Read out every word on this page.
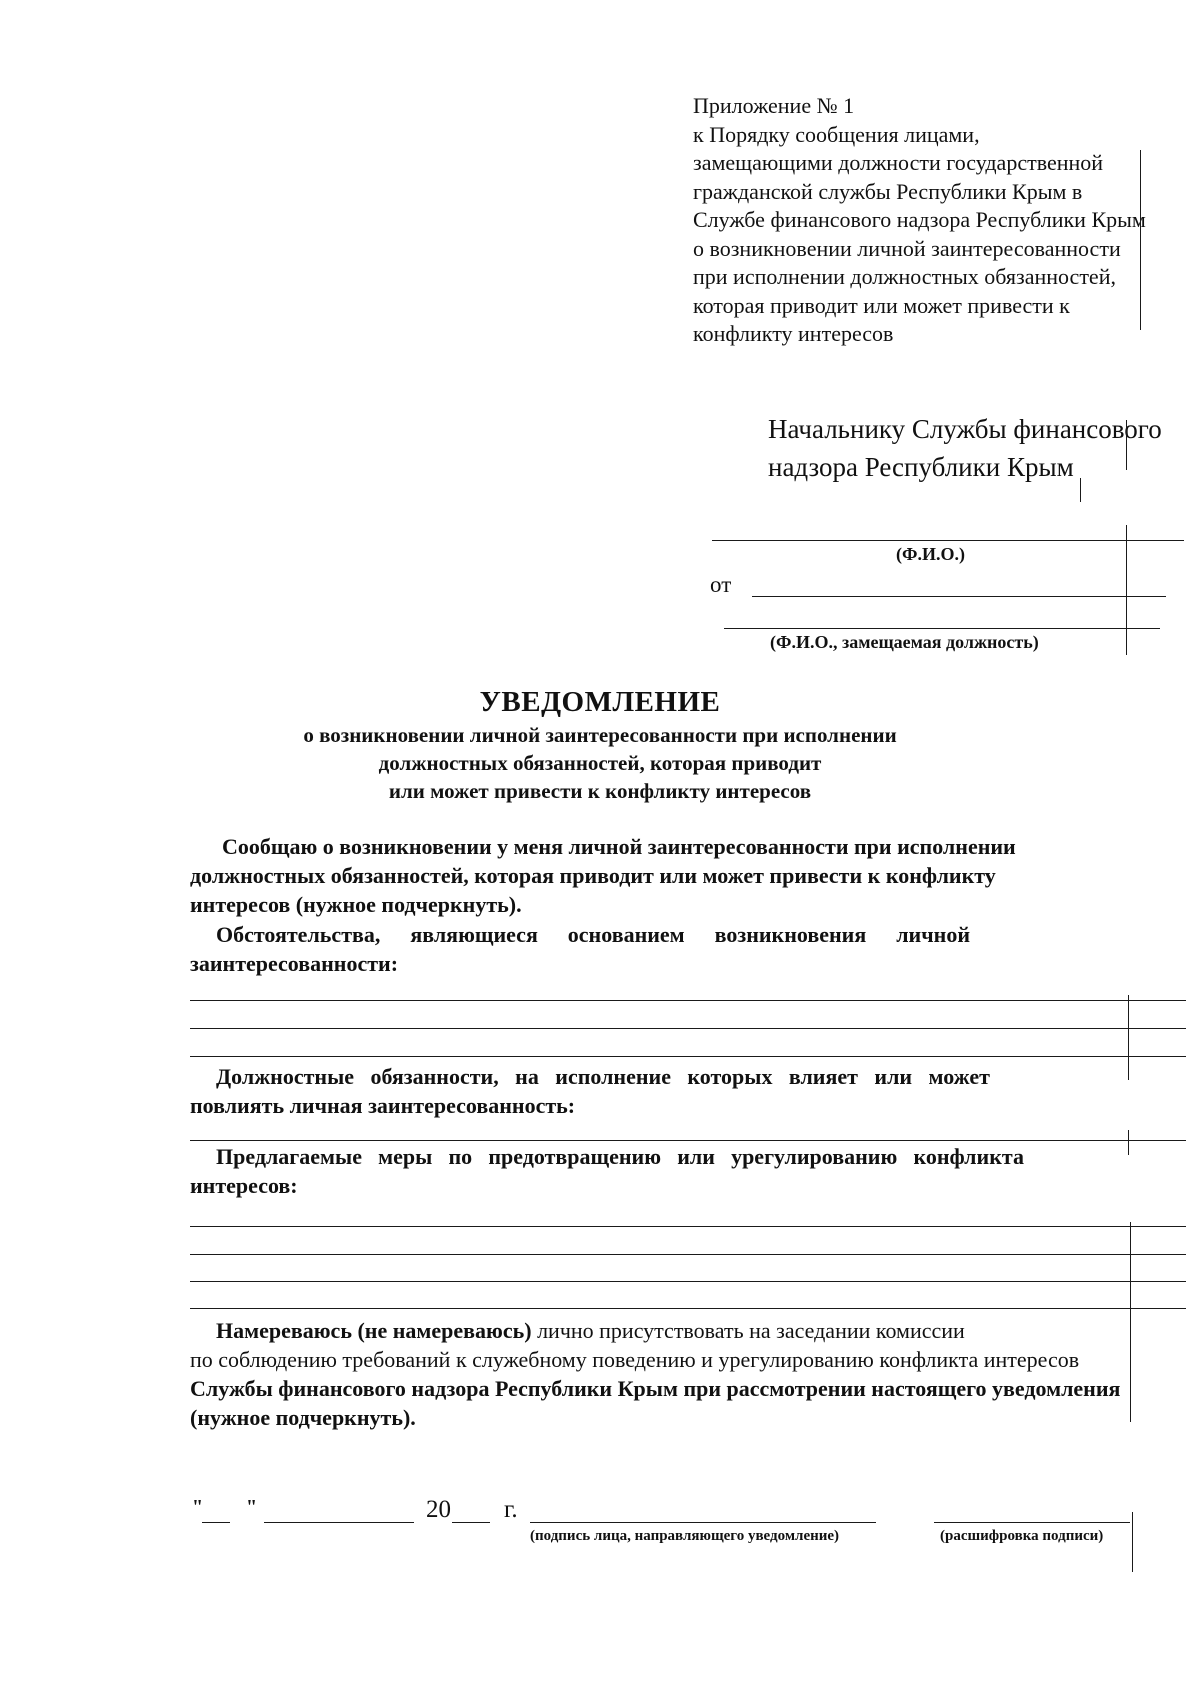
Приложение № 1
к Порядку сообщения лицами,
замещающими должности государственной
гражданской службы Республики Крым в
Службе финансового надзора Республики Крым
о возникновении личной заинтересованности
при исполнении должностных обязанностей,
которая приводит или может привести к
конфликту интересов
Начальнику Службы финансового
надзора Республики Крым
(Ф.И.О.)
от
(Ф.И.О., замещаемая должность)
УВЕДОМЛЕНИЕ
о возникновении личной заинтересованности при исполнении
должностных обязанностей, которая приводит
или может привести к конфликту интересов
Сообщаю о возникновении у меня личной заинтересованности при исполнении
должностных обязанностей, которая приводит или может привести к конфликту
интересов (нужное подчеркнуть).
Обстоятельства, являющиеся основанием возникновения личной
заинтересованности:
Должностные обязанности, на исполнение которых влияет или может
повлиять личная заинтересованность:
Предлагаемые меры по предотвращению или урегулированию конфликта
интересов:
Намереваюсь (не намереваюсь) лично присутствовать на заседании комиссии
по соблюдению требований к служебному поведению и урегулированию конфликта интересов
Службы финансового надзора Республики Крым при рассмотрении настоящего уведомления
(нужное подчеркнуть).
" "	20 г.
(подпись лица, направляющего уведомление)	(расшифровка подписи)
